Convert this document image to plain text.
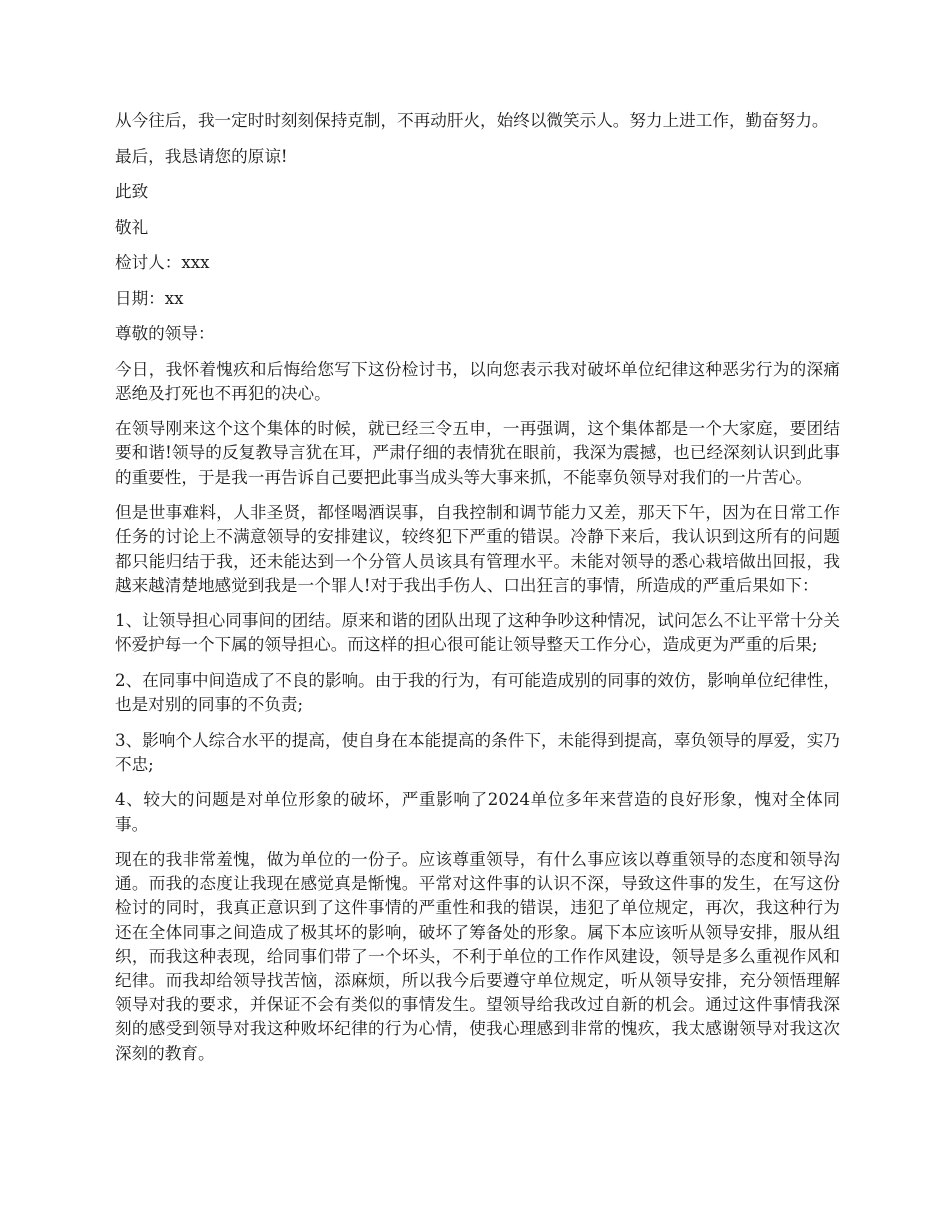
从今往后，我一定时时刻刻保持克制，不再动肝火，始终以微笑示人。努力上进工作，勤奋努力。

最后，我恳请您的原谅!

此致

敬礼

检讨人：xxx

日期：xx

尊敬的领导：

今日，我怀着愧疚和后悔给您写下这份检讨书，以向您表示我对破坏单位纪律这种恶劣行为的深痛恶绝及打死也不再犯的决心。

在领导刚来这个这个集体的时候，就已经三令五申，一再强调，这个集体都是一个大家庭，要团结要和谐!领导的反复教导言犹在耳，严肃仔细的表情犹在眼前，我深为震撼，也已经深刻认识到此事的重要性，于是我一再告诉自己要把此事当成头等大事来抓，不能辜负领导对我们的一片苦心。

但是世事难料，人非圣贤，都怪喝酒误事，自我控制和调节能力又差，那天下午，因为在日常工作任务的讨论上不满意领导的安排建议，较终犯下严重的错误。冷静下来后，我认识到这所有的问题都只能归结于我，还未能达到一个分管人员该具有管理水平。未能对领导的悉心栽培做出回报，我越来越清楚地感觉到我是一个罪人!对于我出手伤人、口出狂言的事情，所造成的严重后果如下：

1、让领导担心同事间的团结。原来和谐的团队出现了这种争吵这种情况，试问怎么不让平常十分关怀爱护每一个下属的领导担心。而这样的担心很可能让领导整天工作分心，造成更为严重的后果;

2、在同事中间造成了不良的影响。由于我的行为，有可能造成别的同事的效仿，影响单位纪律性，也是对别的同事的不负责;

3、影响个人综合水平的提高，使自身在本能提高的条件下，未能得到提高，辜负领导的厚爱，实乃不忠;

4、较大的问题是对单位形象的破坏，严重影响了2024单位多年来营造的良好形象，愧对全体同事。

现在的我非常羞愧，做为单位的一份子。应该尊重领导，有什么事应该以尊重领导的态度和领导沟通。而我的态度让我现在感觉真是惭愧。平常对这件事的认识不深，导致这件事的发生，在写这份检讨的同时，我真正意识到了这件事情的严重性和我的错误，违犯了单位规定，再次，我这种行为还在全体同事之间造成了极其坏的影响，破坏了筹备处的形象。属下本应该听从领导安排，服从组织，而我这种表现，给同事们带了一个坏头，不利于单位的工作作风建设，领导是多么重视作风和纪律。而我却给领导找苦恼，添麻烦，所以我今后要遵守单位规定，听从领导安排，充分领悟理解领导对我的要求，并保证不会有类似的事情发生。望领导给我改过自新的机会。通过这件事情我深刻的感受到领导对我这种败坏纪律的行为心情，使我心理感到非常的愧疚，我太感谢领导对我这次深刻的教育。
